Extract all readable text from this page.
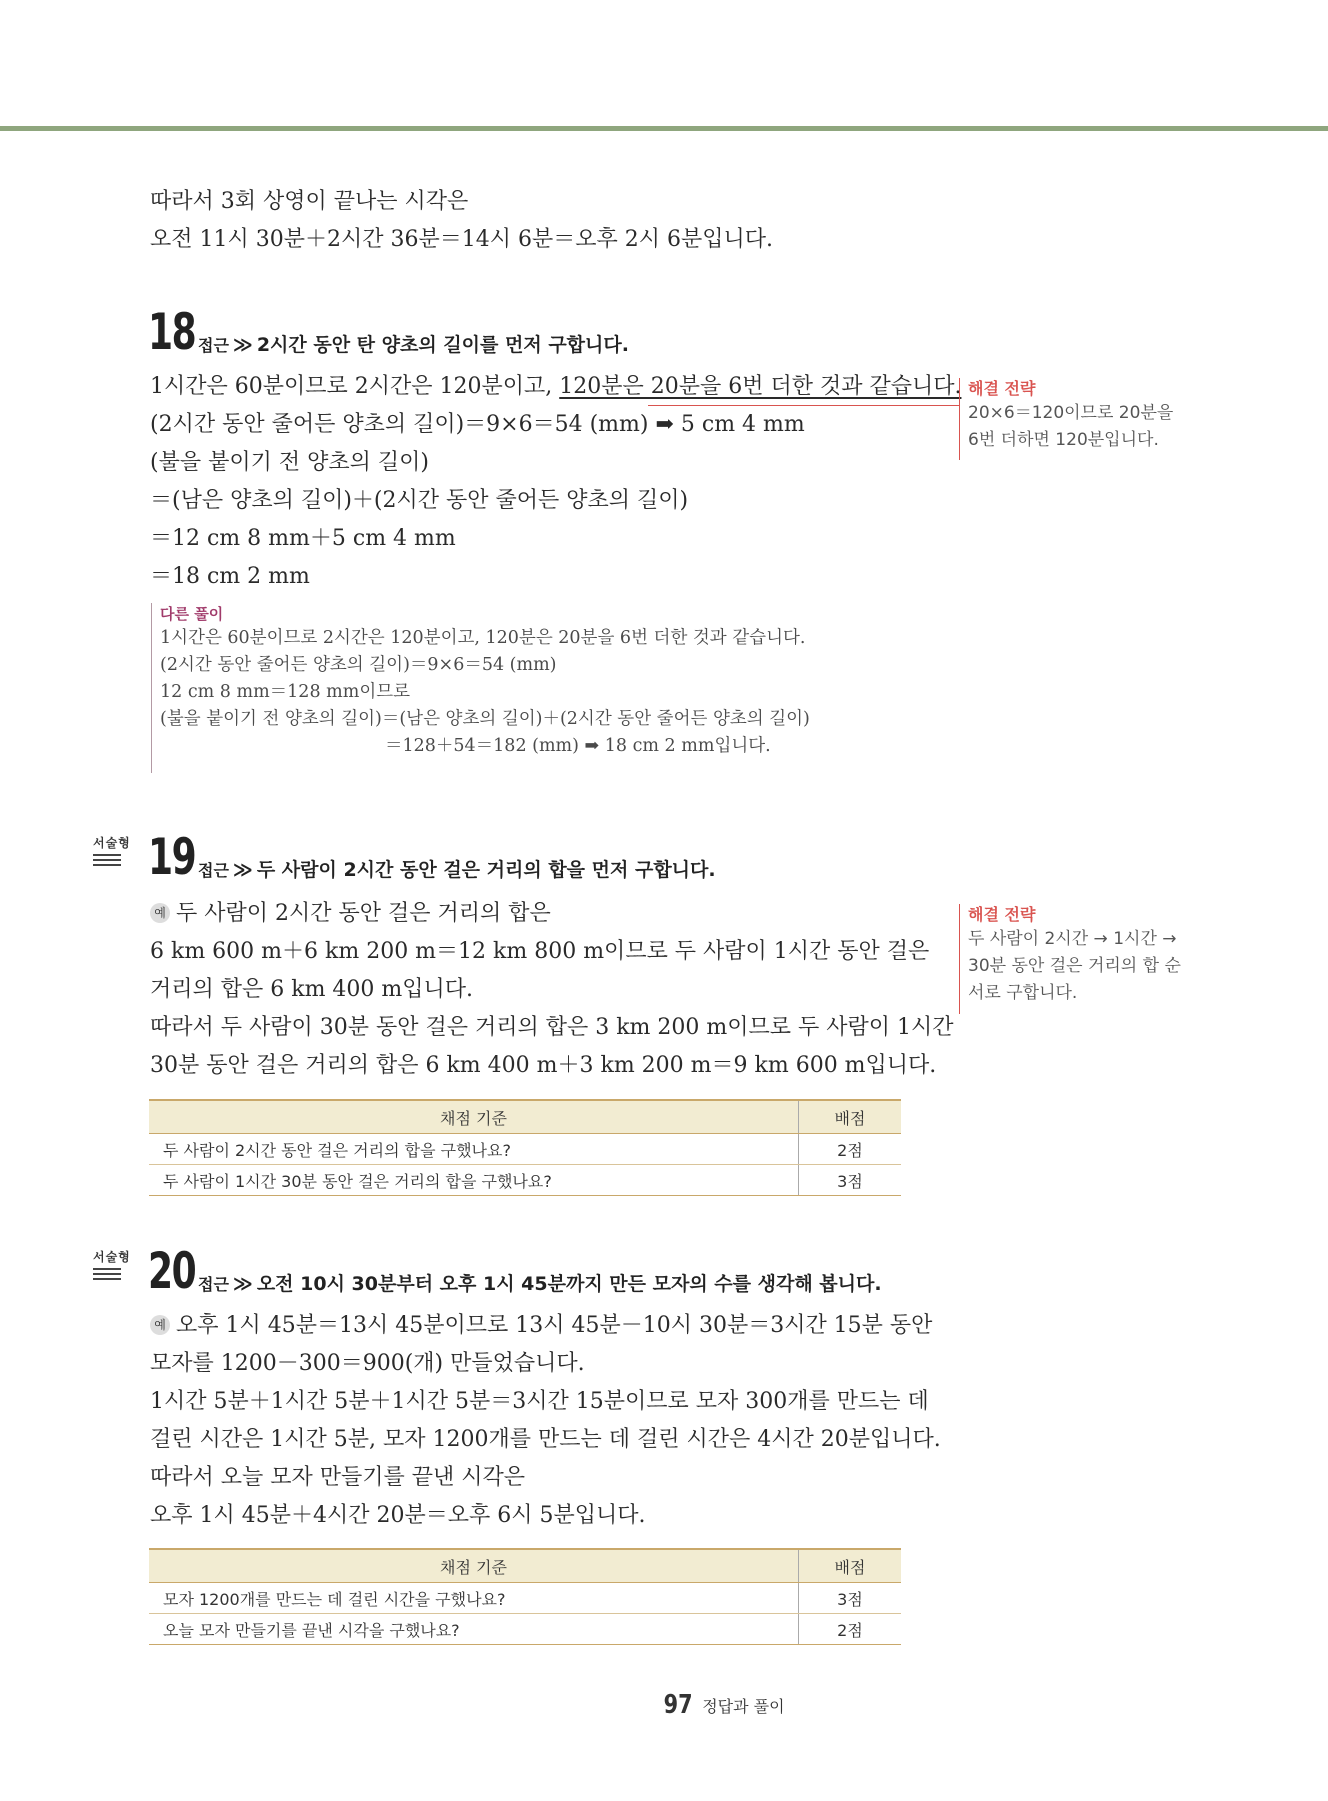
따라서 3회 상영이 끝나는 시각은
오전 11시 30분＋2시간 36분＝14시 6분＝오후 2시 6분입니다.
18 접근 ≫ 2시간 동안 탄 양초의 길이를 먼저 구합니다.
1시간은 60분이므로 2시간은 120분이고, 120분은 20분을 6번 더한 것과 같습니다.
(2시간 동안 줄어든 양초의 길이)＝9×6＝54 (mm) ➡ 5 cm 4 mm
(불을 붙이기 전 양초의 길이)
＝(남은 양초의 길이)＋(2시간 동안 줄어든 양초의 길이)
＝12 cm 8 mm＋5 cm 4 mm
＝18 cm 2 mm
해결 전략
20×6＝120이므로 20분을
6번 더하면 120분입니다.
다른 풀이
1시간은 60분이므로 2시간은 120분이고, 120분은 20분을 6번 더한 것과 같습니다.
(2시간 동안 줄어든 양초의 길이)＝9×6＝54 (mm)
12 cm 8 mm＝128 mm이므로
(불을 붙이기 전 양초의 길이)＝(남은 양초의 길이)＋(2시간 동안 줄어든 양초의 길이)
＝128＋54＝182 (mm) ➡ 18 cm 2 mm입니다.
서술형 19 접근 ≫ 두 사람이 2시간 동안 걸은 거리의 합을 먼저 구합니다.
예 두 사람이 2시간 동안 걸은 거리의 합은
6 km 600 m＋6 km 200 m＝12 km 800 m이므로 두 사람이 1시간 동안 걸은
거리의 합은 6 km 400 m입니다.
따라서 두 사람이 30분 동안 걸은 거리의 합은 3 km 200 m이므로 두 사람이 1시간
30분 동안 걸은 거리의 합은 6 km 400 m＋3 km 200 m＝9 km 600 m입니다.
해결 전략
두 사람이 2시간 → 1시간 →
30분 동안 걸은 거리의 합 순
서로 구합니다.
채점 기준	배점
두 사람이 2시간 동안 걸은 거리의 합을 구했나요?	2점
두 사람이 1시간 30분 동안 걸은 거리의 합을 구했나요?	3점
서술형 20 접근 ≫ 오전 10시 30분부터 오후 1시 45분까지 만든 모자의 수를 생각해 봅니다.
예 오후 1시 45분＝13시 45분이므로 13시 45분－10시 30분＝3시간 15분 동안
모자를 1200－300＝900(개) 만들었습니다.
1시간 5분＋1시간 5분＋1시간 5분＝3시간 15분이므로 모자 300개를 만드는 데
걸린 시간은 1시간 5분, 모자 1200개를 만드는 데 걸린 시간은 4시간 20분입니다.
따라서 오늘 모자 만들기를 끝낸 시각은
오후 1시 45분＋4시간 20분＝오후 6시 5분입니다.
채점 기준	배점
모자 1200개를 만드는 데 걸린 시간을 구했나요?	3점
오늘 모자 만들기를 끝낸 시각을 구했나요?	2점
97 정답과 풀이
